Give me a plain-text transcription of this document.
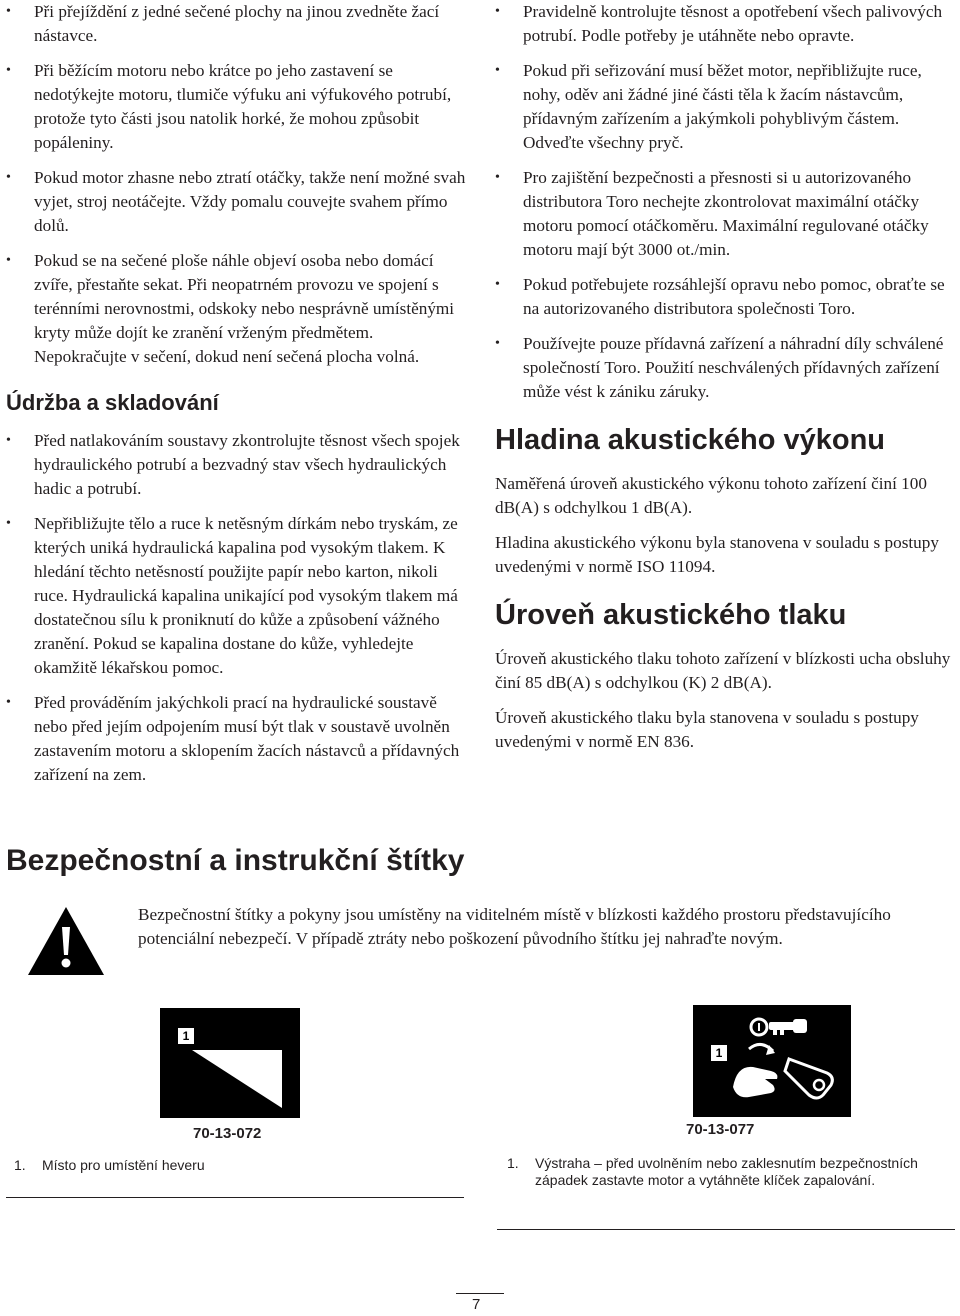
• Při přejíždění z jedné sečené plochy na jinou zvedněte žací nástavce.
• Při běžícím motoru nebo krátce po jeho zastavení se nedotýkejte motoru, tlumiče výfuku ani výfukového potrubí, protože tyto části jsou natolik horké, že mohou způsobit popáleniny.
• Pokud motor zhasne nebo ztratí otáčky, takže není možné svah vyjet, stroj neotáčejte. Vždy pomalu couvejte svahem přímo dolů.
• Pokud se na sečené ploše náhle objeví osoba nebo domácí zvíře, přestaňte sekat. Při neopatrném provozu ve spojení s terénními nerovnostmi, odskoky nebo nesprávně umístěnými kryty může dojít ke zranění vrženým předmětem. Nepokračujte v sečení, dokud není sečená plocha volná.
Údržba a skladování
• Před natlakováním soustavy zkontrolujte těsnost všech spojek hydraulického potrubí a bezvadný stav všech hydraulických hadic a potrubí.
• Nepřibližujte tělo a ruce k netěsným dírkám nebo tryskám, ze kterých uniká hydraulická kapalina pod vysokým tlakem. K hledání těchto netěsností použijte papír nebo karton, nikoli ruce. Hydraulická kapalina unikající pod vysokým tlakem má dostatečnou sílu k proniknutí do kůže a způsobení vážného zranění. Pokud se kapalina dostane do kůže, vyhledejte okamžitě lékařskou pomoc.
• Před prováděním jakýchkoli prací na hydraulické soustavě nebo před jejím odpojením musí být tlak v soustavě uvolněn zastavením motoru a sklopením žacích nástavců a přídavných zařízení na zem.
• Pravidelně kontrolujte těsnost a opotřebení všech palivových potrubí. Podle potřeby je utáhněte nebo opravte.
• Pokud při seřizování musí běžet motor, nepřibližujte ruce, nohy, oděv ani žádné jiné části těla k žacím nástavcům, přídavným zařízením a jakýmkoli pohyblivým částem. Odveďte všechny pryč.
• Pro zajištění bezpečnosti a přesnosti si u autorizovaného distributora Toro nechejte zkontrolovat maximální otáčky motoru pomocí otáčkoměru. Maximální regulované otáčky motoru mají být 3000 ot./min.
• Pokud potřebujete rozsáhlejší opravu nebo pomoc, obraťte se na autorizovaného distributora společnosti Toro.
• Používejte pouze přídavná zařízení a náhradní díly schválené společností Toro. Použití neschválených přídavných zařízení může vést k zániku záruky.
Hladina akustického výkonu

Naměřená úroveň akustického výkonu tohoto zařízení činí 100 dB(A) s odchylkou 1 dB(A).

Hladina akustického výkonu byla stanovena v souladu s postupy uvedenými v normě ISO 11094.

Úroveň akustického tlaku

Úroveň akustického tlaku tohoto zařízení v blízkosti ucha obsluhy činí 85 dB(A) s odchylkou (K) 2 dB(A).

Úroveň akustického tlaku byla stanovena v souladu s postupy uvedenými v normě EN 836.

Bezpečnostní a instrukční štítky

Bezpečnostní štítky a pokyny jsou umístěny na viditelném místě v blízkosti každého prostoru představujícího potenciální nebezpečí. V případě ztráty nebo poškození původního štítku jej nahraďte novým.

1
70-13-072
1
70-13-077
1. Místo pro umístění heveru	1. Výstraha – před uvolněním nebo zaklesnutím bezpečnostních západek zastavte motor a vytáhněte klíček zapalování.
7
